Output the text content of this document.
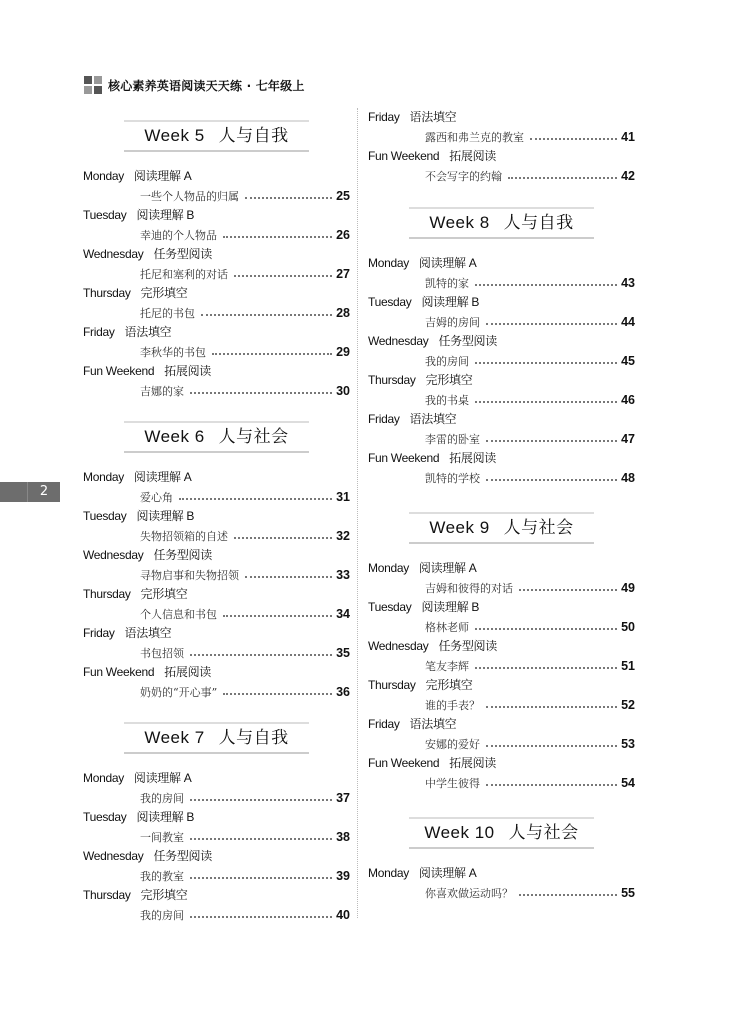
核心素养英语阅读天天练 · 七年级上
2
Week 5 人与自我
Monday 阅读理解 A
一些个人物品的归属	25
Tuesday 阅读理解 B
幸迪的个人物品	26
Wednesday 任务型阅读
托尼和塞利的对话	27
Thursday 完形填空
托尼的书包	28
Friday 语法填空
李秋华的书包	29
Fun Weekend 拓展阅读
吉娜的家	30
Week 6 人与社会
Monday 阅读理解 A
爱心角	31
Tuesday 阅读理解 B
失物招领箱的自述	32
Wednesday 任务型阅读
寻物启事和失物招领	33
Thursday 完形填空
个人信息和书包	34
Friday 语法填空
书包招领	35
Fun Weekend 拓展阅读
奶奶的“开心事”	36
Week 7 人与自我
Monday 阅读理解 A
我的房间	37
Tuesday 阅读理解 B
一间教室	38
Wednesday 任务型阅读
我的教室	39
Thursday 完形填空
我的房间	40
Friday 语法填空
露西和弗兰克的教室	41
Fun Weekend 拓展阅读
不会写字的约翰	42
Week 8 人与自我
Monday 阅读理解 A
凯特的家	43
Tuesday 阅读理解 B
吉姆的房间	44
Wednesday 任务型阅读
我的房间	45
Thursday 完形填空
我的书桌	46
Friday 语法填空
李雷的卧室	47
Fun Weekend 拓展阅读
凯特的学校	48
Week 9 人与社会
Monday 阅读理解 A
吉姆和彼得的对话	49
Tuesday 阅读理解 B
格林老师	50
Wednesday 任务型阅读
笔友李辉	51
Thursday 完形填空
谁的手表？	52
Friday 语法填空
安娜的爱好	53
Fun Weekend 拓展阅读
中学生彼得	54
Week 10 人与社会
Monday 阅读理解 A
你喜欢做运动吗？	55
